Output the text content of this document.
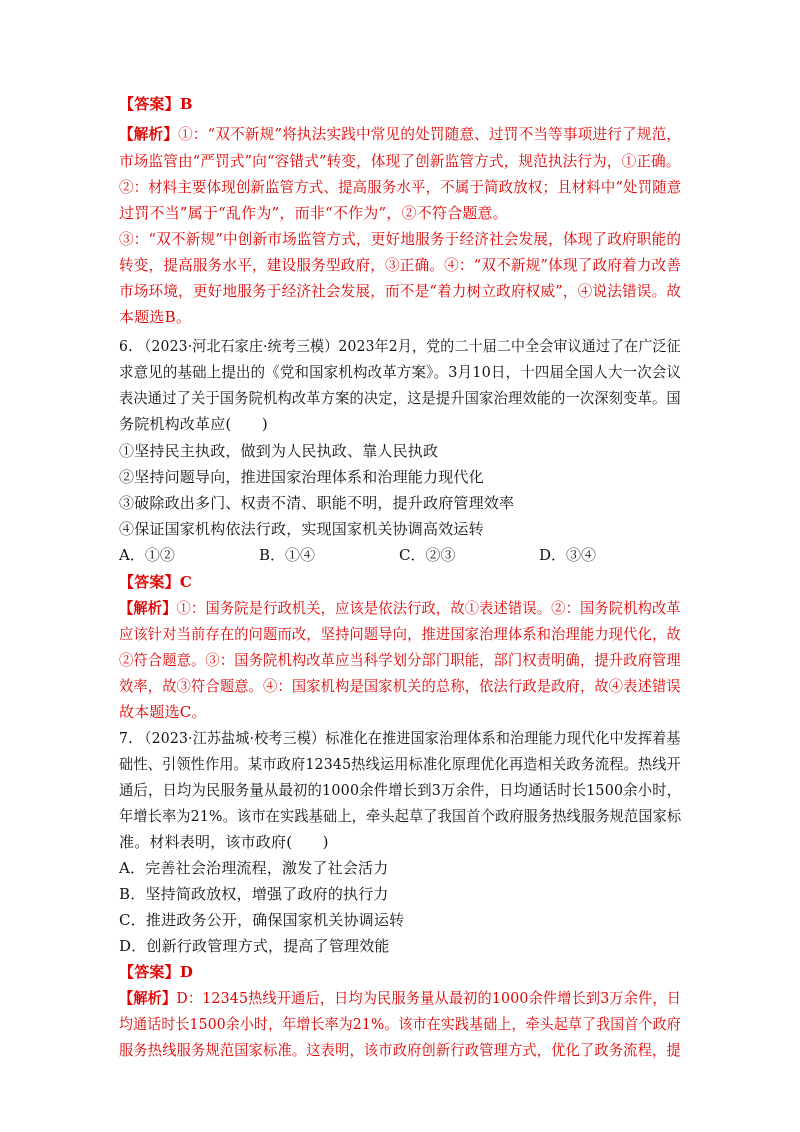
【答案】B
【解析】①：“双不新规”将执法实践中常见的处罚随意、过罚不当等事项进行了规范，
市场监管由“严罚式”向“容错式”转变，体现了创新监管方式，规范执法行为，①正确。
②：材料主要体现创新监管方式、提高服务水平，不属于简政放权；且材料中“处罚随意
过罚不当”属于“乱作为”，而非“不作为”，②不符合题意。
③：“双不新规”中创新市场监管方式，更好地服务于经济社会发展，体现了政府职能的
转变，提高服务水平，建设服务型政府，③正确。④：“双不新规”体现了政府着力改善
市场环境，更好地服务于经济社会发展，而不是“着力树立政府权威”，④说法错误。故
本题选B。
6. （2023·河北石家庄·统考三模）2023年2月，党的二十届二中全会审议通过了在广泛征
求意见的基础上提出的《党和国家机构改革方案》。3月10日，十四届全国人大一次会议
表决通过了关于国务院机构改革方案的决定，这是提升国家治理效能的一次深刻变革。国
务院机构改革应(　　)
①坚持民主执政，做到为人民执政、靠人民执政
②坚持问题导向，推进国家治理体系和治理能力现代化
③破除政出多门、权责不清、职能不明，提升政府管理效率
④保证国家机构依法行政，实现国家机关协调高效运转
A．①②	B．①④	C．②③	D．③④
【答案】C
【解析】①：国务院是行政机关，应该是依法行政，故①表述错误。②：国务院机构改革
应该针对当前存在的问题而改，坚持问题导向，推进国家治理体系和治理能力现代化，故
②符合题意。③：国务院机构改革应当科学划分部门职能，部门权责明确，提升政府管理
效率，故③符合题意。④：国家机构是国家机关的总称，依法行政是政府，故④表述错误
故本题选C。
7. （2023·江苏盐城·校考三模）标准化在推进国家治理体系和治理能力现代化中发挥着基
础性、引领性作用。某市政府12345热线运用标准化原理优化再造相关政务流程。热线开
通后，日均为民服务量从最初的1000余件增长到3万余件，日均通话时长1500余小时，
年增长率为21%。该市在实践基础上，牵头起草了我国首个政府服务热线服务规范国家标
准。材料表明，该市政府(　　)
A．完善社会治理流程，激发了社会活力
B．坚持简政放权，增强了政府的执行力
C．推进政务公开，确保国家机关协调运转
D．创新行政管理方式，提高了管理效能
【答案】D
【解析】D：12345热线开通后，日均为民服务量从最初的1000余件增长到3万余件，日
均通话时长1500余小时，年增长率为21%。该市在实践基础上，牵头起草了我国首个政府
服务热线服务规范国家标准。这表明，该市政府创新行政管理方式，优化了政务流程，提
